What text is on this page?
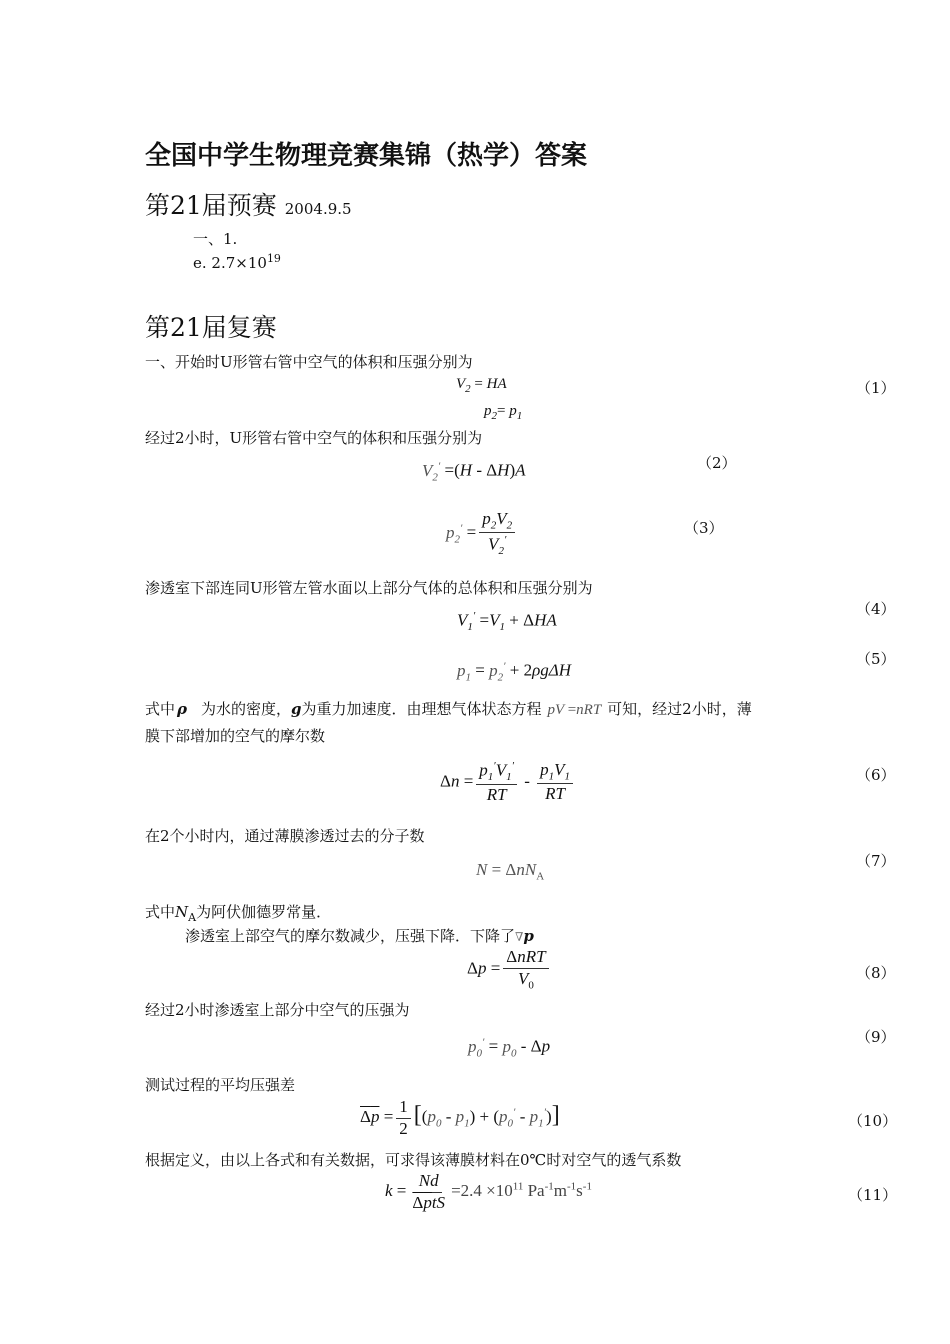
全国中学生物理竞赛集锦（热学）答案
第21届预赛 2004.9.5
一、1.
e. $2.7\times 10^{19}$
第21届复赛
一、开始时U形管右管中空气的体积和压强分别为
$V_2$ = HA	（1）
$p_2= p_1$
经过2小时，U形管右管中空气的体积和压强分别为
$V_2' =(H - \Delta H)A$	（2）
$p_2' = \frac{p_2V_2}{V_2'}$	（3）
渗透室下部连同U形管左管水面以上部分气体的总体积和压强分别为
（4）
$V_1' =V_1 + \Delta HA$
（5）
$p_1 = p_2' + 2\rho g\Delta H$
式中 ρ 为水的密度，g为重力加速度．由理想气体状态方程 pV =nRT 可知，经过2小时，薄
膜下部增加的空气的摩尔数
$\Delta n = \frac{p_1'V_1'}{RT} - \frac{p_1V_1}{RT}$	（6）
在2个小时内，通过薄膜渗透过去的分子数
（7）
N = ΔnN$_A$
式中$N_A$为阿伏伽德罗常量．
渗透室上部空气的摩尔数减少，压强下降．下降了∇p
$\Delta p = \frac{\text{ΔnRT}}{V_0}$	（8）
经过2小时渗透室上部分中空气的压强为
（9）
$p_0' = p_0 - \Delta p$
测试过程的平均压强差
$\Delta p = \frac{1}{2} [(p_0 - p_1) + (p_0' - p_1')]$	（10）
根据定义，由以上各式和有关数据，可求得该薄膜材料在0℃时对空气的透气系数
$k = \frac{Nd}{\text{ΔptS}} =2.4 \times 10^{11}$ $Pa^{-1}m^{-1}s^{-1}$	（11）
